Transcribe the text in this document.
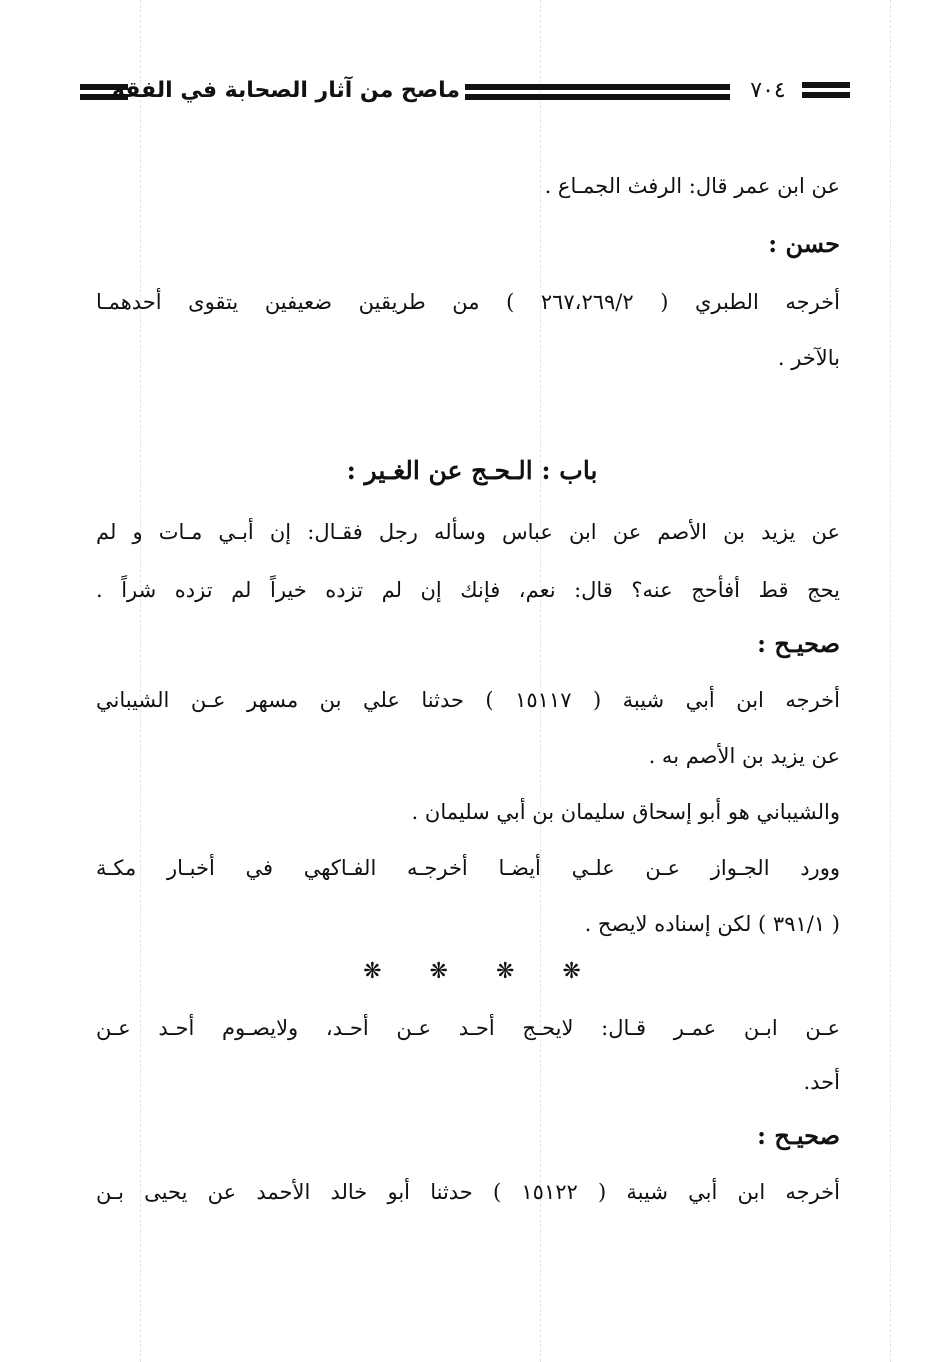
ماصح من آثار الصحابة في الفقه	٧٠٤
عن ابن عمر قال: الرفث الجمـاع .
حسن :
أخرجه الطبري ( ٢٦٧،٢٦٩/٢ ) من طريقين ضعيفين يتقوى أحدهمـا
بالآخر .
باب : الـحـج عن الغـير :
عن يزيد بن الأصم عن ابن عباس وسأله رجل فقـال: إن أبـي مـات و لم
يحج قط أفأحج عنه؟ قال: نعم، فإنك إن لم تزده خيراً لم تزده شراً .
صحيـح :
أخرجه ابن أبي شيبة ( ١٥١١٧ ) حدثنا علي بن مسهر عـن الشيباني
عن يزيد بن الأصم به .
والشيباني هو أبو إسحاق سليمان بن أبي سليمان .
وورد الجـواز عـن علـي أيضـا أخرجـه الفـاكهي في أخبـار مكـة
( ٣٩١/١ ) لكن إسناده لايصح .
❋❋❋❋
عـن ابـن عمـر قـال: لايحـج أحـد عـن أحـد، ولايصـوم أحـد عـن
أحد.
صحيـح :
أخرجه ابن أبي شيبة ( ١٥١٢٢ ) حدثنا أبو خالد الأحمد عن يحيى بـن
